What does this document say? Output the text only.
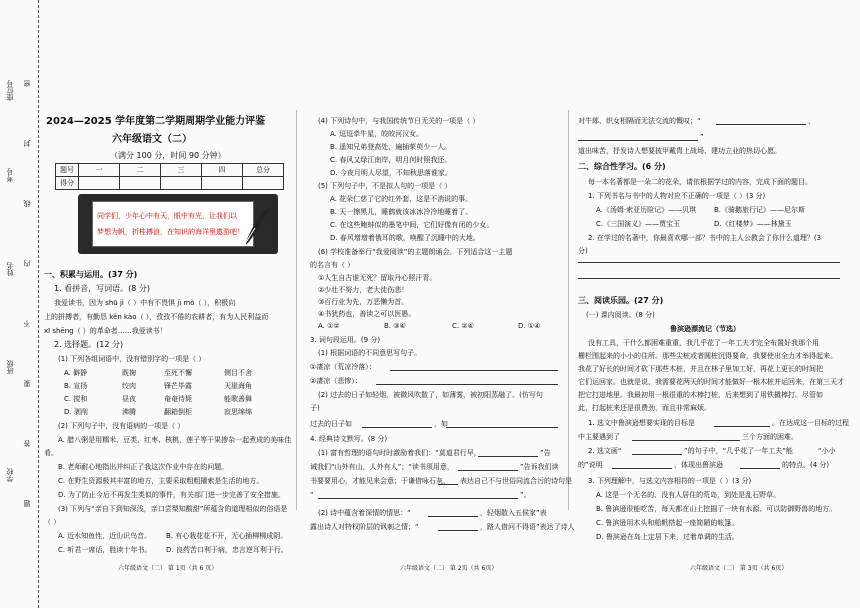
学校
班级
姓名
考号
座位号 密
封
线
内
不
要
答
题
2024—2025 学年度第二学期周期学业能力评鉴
六年级语文（二）
（满分 100 分，时间 90 分钟）
题号	一	二	三	四	总分
得分					
同学们，少年心中有天，眼中有光，让我们以
梦想为帆，折桂搏浪，在知识的海洋里遨游吧！
一、积累与运用。(37 分)
1. 看拼音，写词语。(8 分)
我爱读书，因为 shū jì（ ）中有不畏惧 jì mò（ ），积极向
上的拼搏者，有勤恳 kěn kào（ ），孜孜不倦的农耕者，有为人民利益而
xī shēng（ ）的革命者……我爱读书！
2. 选择题。(12 分)
(1) 下列各组词语中，没有错别字的一项是（ ）
A. 僻静	既掬	至死不懈	侧目不舍
B. 宣扬	绞肉	锋芒毕露	天崖海角
C. 搅和	昼夜	奄奄待毙	能歌善舞
D. 剥削	沸腾	翻箱倒柜	寂思绵绵
(2) 下列句子中，没有语病的一项是（ ）
A. 腊八粥是用糯米、豆类、红枣、核桃、莲子等干果掺杂一起煮成的美味佳
肴。
B. 老师耐心地指出并纠正了我这次作业中存在的问题。
C. 在野生资源极其丰富的地方，主要采取粗粗擢索是生活的地方。
D. 为了防止今后不再发生类似的事件，有关部门进一步完善了安全措施。
(3) 下列与“亲自下到知深浅，亲口尝梨知酸甜”所蕴含的道理相似的俗语是
（ ）
A. 近水知鱼性，近山识鸟音。 B. 有心栽花花不开，无心插柳柳成阴。
C. 听君一席话，胜读十年书。 D. 良药苦口利于病，忠言逆耳利于行。
六年级语文（二） 第 1页（共 6 页）
(4) 下列诗句中，与我国传统节日无关的一项是（ ）
A. 逗逗牵牛星，皎皎河汉女。
B. 遥知兄弟登高处，遍插茱萸少一人。
C. 春风又绿江南岸，明月何时照我还。
D. 今夜月明人尽望，不知秋思落谁家。
(5) 下列句子中，不是拟人句的一项是（ ）
A. 花朵仁慈了它的红外套，这是不消说的事。
B. 天一擦黑儿，睡鹤就该冰冰冷冷地睡着了。
C. 在这些鲍蚌似的墨笔中间，它们好像有闭的少女。
D. 春风增增着俄耳的歌，唤醒了沉睡中的大地。
(6) 学校准备举行“我爱阅读”的主题朗诵会。下列适合这一主题
的名言有（ ）
①人生自古谁无死？留取丹心照汗青。
②少壮不努力，老大徒伤悲！
③百行业为先，万恶懒为首。
④书犹药也，善读之可以医愚。
A. ①②	B. ③④	C. ②④	D. ①④
3. 词句段运用。(9 分)
(1) 根据词语的不同意思写句子。
①凄凉（荒凉冷落）：
②凄凉（悲惨）：
(2) 过去的日子如轻烟，被微风吹散了，如薄雾，被初阳蒸融了。(仿写句
子)
过去的日子如	，如
4. 经典诗文默写。(8 分)
(1) 富有哲理的语句时时激励着我们：“莫道君行早，	”告
诫我们“山外有山，人外有人”；“读书须用意，	”告诉我们读
书要要用心，才能见来会意；于谦借咏石灰， 表达自己不与世俗同流合污的诗句是
“	”。
(2) 诗中蕴含着深情的情思：“	，轻烟散入五侯家”表
露出诗人对特权阶层的讽刺之情；“	，路人借问不得语”表达了诗人
六年级语文（二） 第 2页（共 6页）
对牛郎、织女相隔而无法交流的慨叹；“	，
”
道出味苦，抒发诗人想要披甲戴胄上战场、建功立业的热切心愿。
二、综合性学习。(6 分)
每一本名著都是一朵二的花朵，请依根据学过的内容，完成下面的题目。
1. 下列书名与书中的人物对应不正确的一项是（ ）(3 分)
A.《汤姆·索亚历险记》——贝琪	B.《骑鹅旅行记》——尼尔斯
C.《三国演义》——贾宝玉	D.《红楼梦》——林黛玉
2. 在学过的名著中，你最喜欢哪一部？书中的主人公教会了你什么道理？(3
分)
三、阅读乐园。(27 分)
(一) 课内阅读。(8 分)
鲁滨逊漂流记（节选）
没有工具，干什么都困难重重，我几乎花了一年工夫才完全布置好我那个用
栅栏围起来的小小的住所。那些尖桩或者圆桩沉得要命，我要使出全力才举得起来。
我花了好长的时间才砍下那些木桩，并且在林子里加工好，再花上更长的时间把
它们运回家。也就是说，我需要花两天的时间才能做好一根木桩并运回来，在第三天才
把它打进地里。我最初用一根很重的木棒打桩，后来想到了用铁撬棒打。尽管如
此，打起桩来还是很费劲，而且非常麻烦。
1. 选文中鲁滨逊想要实现的目标是	。在达成这一目标的过程
中主要遇到了	三个方面的困难。
2. 选文画“	”的句子中，“几乎花了一年工夫”能	“小小
的”说明	，体现出鲁滨逊	的特点。(4 分)
3. 下列理解中，与选文内容相符的一项是（ ）(3 分)
A. 这是一个无名的、没有人居住的荒岛，到处是乱石野草。
B. 鲁滨逊很能吃苦，每天都在山上挖掘了一块有水源、可以防御野兽的地方。
C. 鲁滨逊用木头和船帆搭起一座简陋的帐篷。
D. 鲁滨逊在岛上定居下来，过着单调的生活。
六年级语文（二） 第 3页（共 6页）
